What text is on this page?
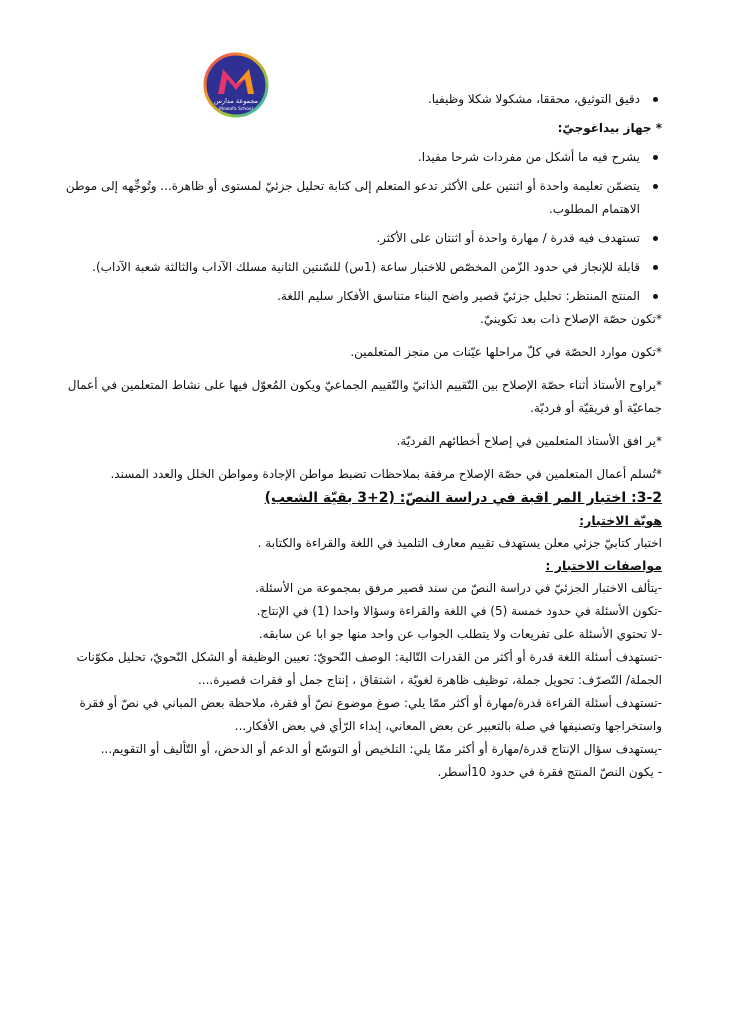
مجموعة مدارس
Mowafa School

دقيق التوثيق، محققا، مشكولا شكلا وظيفيا.

* جهاز بيداغوجيّ:

يشرح فيه ما أشكل من مفردات شرحا مفيدا.

يتضمّن تعليمة واحدة أو اثنتين على الأكثر تدعو المتعلم إلى كتابة تحليل جزئيّ لمستوى أو ظاهرة... وتُوجِّهه إلى موطن الاهتمام المطلوب.

تستهدف فيه قدرة / مهارة واحدة أو اثنتان على الأكثر.

قابلة للإنجاز في حدود الزّمن المخصّص للاختبار ساعة (1س) للسّنتين الثانية مسلك الآداب والثالثة شعبة الآداب).

المنتج المنتظر: تحليل جزئيّ قصير واضح البناء متناسق الأفكار سليم اللغة.

*تكون حصّة الإصلاح ذات بعد تكوينيّ.

*تكون موارد الحصّة في كلّ مراحلها عيّنات من منجز المتعلمين.

*يراوح الأستاذ أثناء حصّة الإصلاح بين التّقييم الذاتيّ والتّقييم الجماعيّ ويكون المُعوّل فيها على نشاط المتعلمين في أعمال جماعيّة أو فريقيّة أو فرديّة.

*ير افق الأستاذ المتعلمين في إصلاح أخطائهم الفرديّة.

*تُسلم أعمال المتعلمين في حصّة الإصلاح مرفقة بملاحظات تضبط مواطن الإجادة ومواطن الخلل والعدد المسند.

3-2: اختبار المر اقبة في دراسة النصّ: (2+3 بقيّة الشعب)

هويّة الاختبار:

اختبار كتابيّ جزئي معلن يستهدف تقييم معارف التلميذ في اللغة والقراءة والكتابة .

مواصفات الاختبار :

-يتألف الاختبار الجزئيّ في دراسة النصّ من سند قصير مرفق بمجموعة من الأسئلة.

-تكون الأسئلة في حدود خمسة (5) في اللغة والقراءة وسؤالا واحدا (1) في الإنتاج.

-لا تحتوي الأسئلة على تفريعات ولا يتطلب الجواب عن واحد منها جو ابا عن سابقه.

-تستهدف أسئلة اللغة قدرة أو أكثر من القدرات التّالية: الوصف النّحويّ: تعيين الوظيفة أو الشكل النّحويّ، تحليل مكوّنات الجملة/ التّصرّف: تحويل جملة، توظيف ظاهرة لغويّة ، اشتقاق ، إنتاج جمل أو فقرات قصيرة....

-تستهدف أسئلة القراءة قدرة/مهارة أو أكثر ممّا يلي: صوغ موضوع نصّ أو فقرة، ملاحظة بعض المباني في نصّ أو فقرة واستخراجها وتصنيفها في صلة بالتعبير عن بعض المعاني، إبداء الرّأي في بعض الأفكار...

-يستهدف سؤال الإنتاج قدرة/مهارة أو أكثر ممّا يلي: التلخيص أو التوسّع أو الدعم أو الدحض، أو التّأليف أو التقويم...

- يكون النصّ المنتج فقرة في حدود 10أسطر.
